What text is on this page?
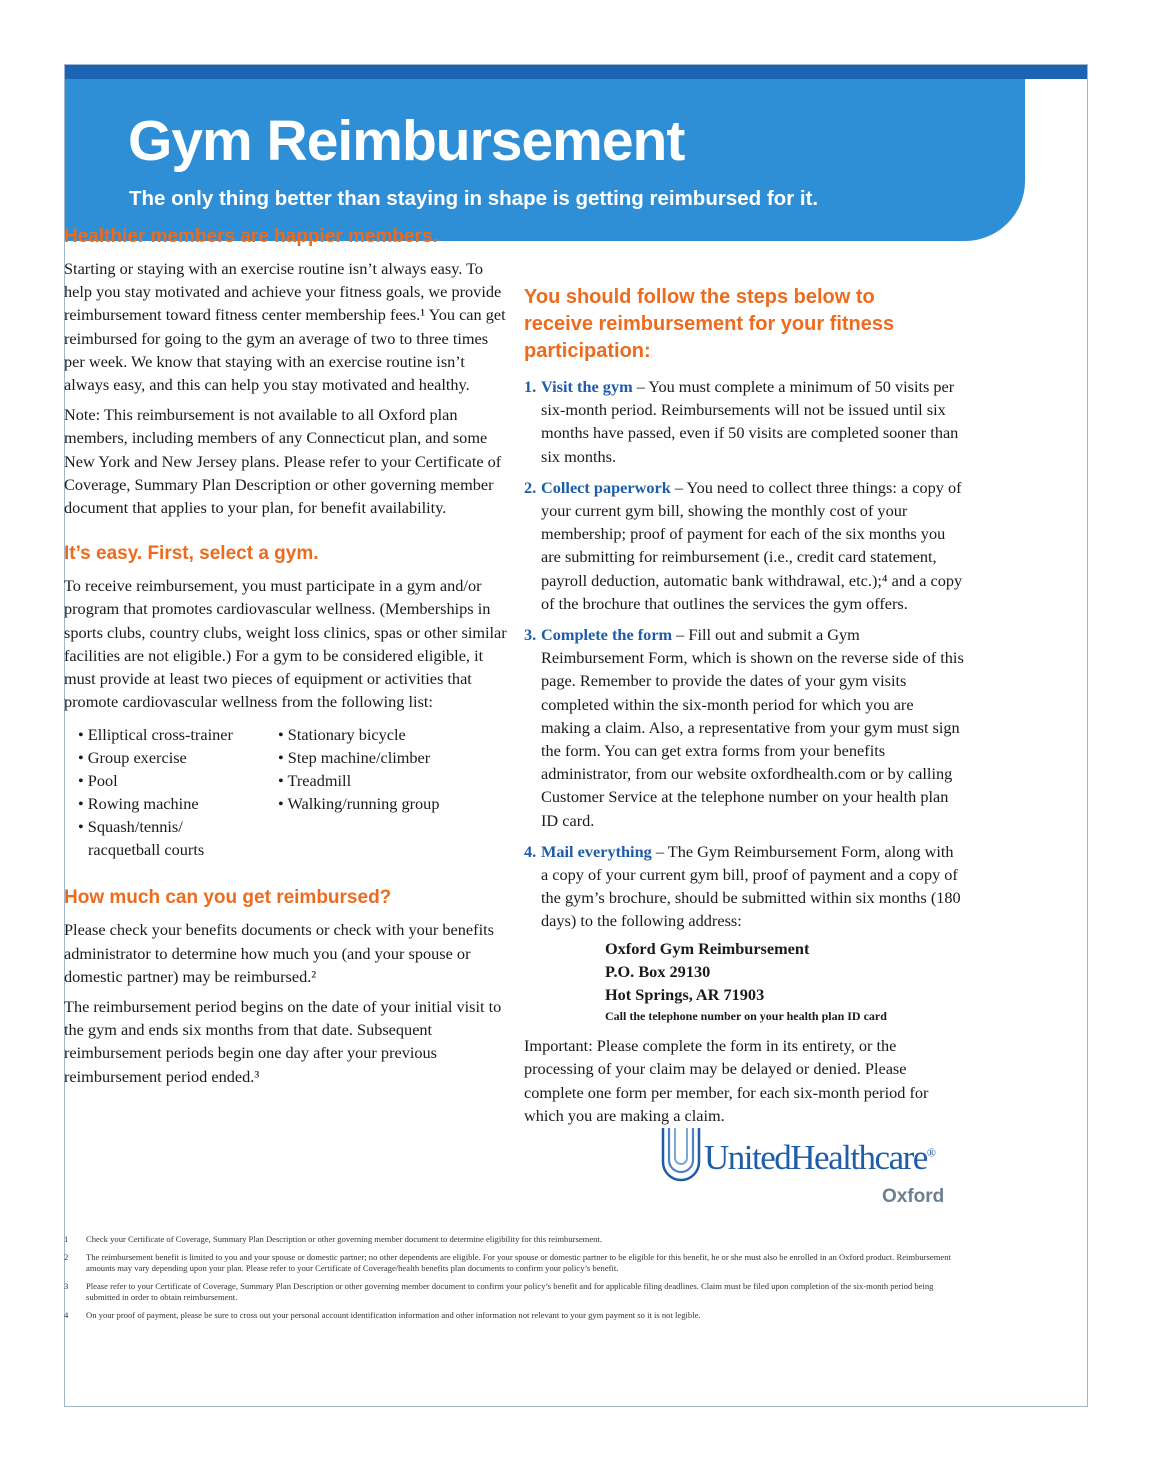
Gym Reimbursement

The only thing better than staying in shape is getting reimbursed for it.

Healthier members are happier members.

Starting or staying with an exercise routine isn’t always easy. To help you stay motivated and achieve your fitness goals, we provide reimbursement toward fitness center membership fees.¹ You can get reimbursed for going to the gym an average of two to three times per week. We know that staying with an exercise routine isn’t always easy, and this can help you stay motivated and healthy.

Note: This reimbursement is not available to all Oxford plan members, including members of any Connecticut plan, and some New York and New Jersey plans. Please refer to your Certificate of Coverage, Summary Plan Description or other governing member document that applies to your plan, for benefit availability.

It’s easy. First, select a gym.

To receive reimbursement, you must participate in a gym and/or program that promotes cardiovascular wellness. (Memberships in sports clubs, country clubs, weight loss clinics, spas or other similar facilities are not eligible.) For a gym to be considered eligible, it must provide at least two pieces of equipment or activities that promote cardiovascular wellness from the following list:

• Elliptical cross-trainer	• Stationary bicycle
• Group exercise	• Step machine/climber
• Pool	• Treadmill
• Rowing machine	• Walking/running group
• Squash/tennis/ racquetball courts
How much can you get reimbursed?

Please check your benefits documents or check with your benefits administrator to determine how much you (and your spouse or domestic partner) may be reimbursed.²

The reimbursement period begins on the date of your initial visit to the gym and ends six months from that date. Subsequent reimbursement periods begin one day after your previous reimbursement period ended.³

You should follow the steps below to receive reimbursement for your fitness participation:
1. Visit the gym – You must complete a minimum of 50 visits per six-month period. Reimbursements will not be issued until six months have passed, even if 50 visits are completed sooner than six months.
2. Collect paperwork – You need to collect three things: a copy of your current gym bill, showing the monthly cost of your membership; proof of payment for each of the six months you are submitting for reimbursement (i.e., credit card statement, payroll deduction, automatic bank withdrawal, etc.);⁴ and a copy of the brochure that outlines the services the gym offers.
3. Complete the form – Fill out and submit a Gym Reimbursement Form, which is shown on the reverse side of this page. Remember to provide the dates of your gym visits completed within the six-month period for which you are making a claim. Also, a representative from your gym must sign the form. You can get extra forms from your benefits administrator, from our website oxfordhealth.com or by calling Customer Service at the telephone number on your health plan ID card.
4. Mail everything – The Gym Reimbursement Form, along with a copy of your current gym bill, proof of payment and a copy of the gym’s brochure, should be submitted within six months (180 days) to the following address:
Oxford Gym Reimbursement
P.O. Box 29130
Hot Springs, AR 71903
Call the telephone number on your health plan ID card

Important: Please complete the form in its entirety, or the processing of your claim may be delayed or denied. Please complete one form per member, for each six-month period for which you are making a claim.

UnitedHealthcare®
Oxford
1	Check your Certificate of Coverage, Summary Plan Description or other governing member document to determine eligibility for this reimbursement.
2	The reimbursement benefit is limited to you and your spouse or domestic partner; no other dependents are eligible. For your spouse or domestic partner to be eligible for this benefit, he or she must also be enrolled in an Oxford product. Reimbursement amounts may vary depending upon your plan. Please refer to your Certificate of Coverage/health benefits plan documents to confirm your policy’s benefit.
3	Please refer to your Certificate of Coverage, Summary Plan Description or other governing member document to confirm your policy’s benefit and for applicable filing deadlines. Claim must be filed upon completion of the six-month period being submitted in order to obtain reimbursement.
4	On your proof of payment, please be sure to cross out your personal account identification information and other information not relevant to your gym payment so it is not legible.
